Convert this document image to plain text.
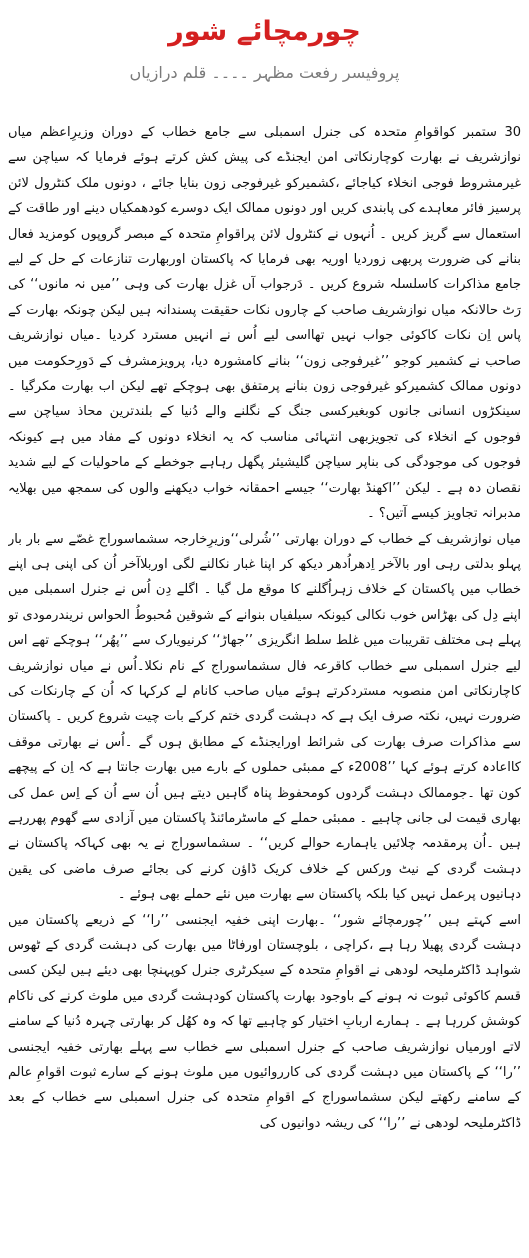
چورمچائے شور
پروفیسر رفعت مظہر ۔۔۔۔ قلم درازیاں

30 ستمبر کواقوامِ متحدہ کی جنرل اسمبلی سے جامع خطاب کے دوران وزیرِاعظم میاں نوازشریف نے بھارت کوچارنکاتی امن ایجنڈے کی پیش کش کرتے ہوئے فرمایا کہ سیاچن سے غیرمشروط فوجی انخلاء کیاجائے ،کشمیرکو غیرفوجی زون بنایا جائے ، دونوں ملک کنٹرول لائن پرسیز فائر معاہدے کی پابندی کریں اور دونوں ممالک ایک دوسرے کودھمکیاں دینے اور طاقت کے استعمال سے گریز کریں ۔ اُنہوں نے کنٹرول لائن پراقوامِ متحدہ کے مبصر گروپوں کومزید فعال بنانے کی ضرورت پربھی زوردیا اوریہ بھی فرمایا کہ پاکستان اوربھارت تنازعات کے حل کے لیے جامع مذاکرات کاسلسلہ شروع کریں ۔ دَرجواب آں غزل بھارت کی وہی ’’میں نہ مانوں‘‘ کی رَٹ حالانکہ میاں نوازشریف صاحب کے چاروں نکات حقیقت پسندانہ ہیں لیکن چونکہ بھارت کے پاس اِن نکات کاکوئی جواب نہیں تھااسی لیے اُس نے انہیں مسترد کردیا ۔میاں نوازشریف صاحب نے کشمیر کوجو ’’غیرفوجی زون‘‘ بنانے کامشورہ دیا، پرویزمشرف کے دَورِحکومت میں دونوں ممالک کشمیرکو غیرفوجی زون بنانے پرمتفق بھی ہوچکے تھے لیکن اب بھارت مکرگیا ۔سینکڑوں انسانی جانوں کوبغیرکسی جنگ کے نگلنے والے دُنیا کے بلندترین محاذ سیاچن سے فوجوں کے انخلاء کی تجویزبھی انتہائی مناسب کہ یہ انخلاء دونوں کے مفاد میں ہے کیونکہ فوجوں کی موجودگی کی بناپر سیاچن گلیشیئر پگھل رہاہے جوخطے کے ماحولیات کے لیے شدید نقصان دہ ہے ۔ لیکن ’’اکھنڈ بھارت‘‘ جیسے احمقانہ خواب دیکھنے والوں کی سمجھ میں بھلایہ مدبرانہ تجاویز کیسے آتیں؟ ۔

میاں نوازشریف کے خطاب کے دوران بھارتی ’’شُرلی‘‘وزیرِخارجہ سشماسوراج غصّے سے بار بار پہلو بدلتی رہی اور بالآخر اِدھراُدھر دیکھ کر اپنا غبار نکالنے لگی اوربلاآخر اُن کی اپنی ہی اپنے خطاب میں پاکستان کے خلاف زہراُگلنے کا موقع مل گیا ۔ اگلے دِن اُس نے جنرل اسمبلی میں اپنے دِل کی بھڑاس خوب نکالی کیونکہ سیلفیاں بنوانے کے شوقین مُحبوطُ الحواس نریندرمودی تو پہلے ہی مختلف تقریبات میں غلط سلط انگریزی ’’جھاڑ‘‘ کرنیویارک سے ’’پھُر‘‘ ہوچکے تھے اس لیے جنرل اسمبلی سے خطاب کاقرعہ فال سشماسوراج کے نام نکلا۔اُس نے میاں نوازشریف کاچارنکاتی امن منصوبہ مستردکرتے ہوئے میاں صاحب کانام لے کرکہا کہ اُن کے چارنکات کی ضرورت نہیں، نکتہ صرف ایک ہے کہ دہشت گردی ختم کرکے بات چیت شروع کریں ۔ پاکستان سے مذاکرات صرف بھارت کی شرائط اورایجنڈے کے مطابق ہوں گے ۔اُس نے بھارتی موقف کااعادہ کرتے ہوئے کہا ’’2008ء کے ممبئی حملوں کے بارے میں بھارت جانتا ہے کہ اِن کے پیچھے کون تھا ۔جوممالک دہشت گردوں کومحفوظ پناہ گاہیں دیتے ہیں اُن سے اُن کے اِس عمل کی بھاری قیمت لی جانی چاہیے ۔ ممبئی حملے کے ماسٹرمائنڈ پاکستان میں آزادی سے گھوم پھررہے ہیں ۔اُن پرمقدمہ چلائیں یاہمارے حوالے کریں‘‘ ۔ سشماسوراج نے یہ بھی کہاکہ پاکستان نے دہشت گردی کے نیٹ ورکس کے خلاف کریک ڈاؤن کرنے کی بجائے صرف ماضی کی یقین دہانیوں پرعمل نہیں کیا بلکہ پاکستان سے بھارت میں نئے حملے بھی ہوئے ۔

اسے کہتے ہیں ’’چورمچائے شور‘‘ ۔بھارت اپنی خفیہ ایجنسی ’’را‘‘ کے ذریعے پاکستان میں دہشت گردی پھیلا رہا ہے ،کراچی ، بلوچستان اورفاٹا میں بھارت کی دہشت گردی کے ٹھوس شواہد ڈاکٹرملیحہ لودھی نے اقوامِ متحدہ کے سیکرٹری جنرل کوپہنچا بھی دیئے ہیں لیکن کسی قسم کاکوئی ثبوت نہ ہونے کے باوجود بھارت پاکستان کودہشت گردی میں ملوث کرنے کی ناکام کوشش کررہا ہے ۔ ہمارے اربابِ اختیار کو چاہیے تھا کہ وہ کھُل کر بھارتی چہرہ دُنیا کے سامنے لاتے اورمیاں نوازشریف صاحب کے جنرل اسمبلی سے خطاب سے پہلے بھارتی خفیہ ایجنسی ’’را‘‘ کے پاکستان میں دہشت گردی کی کارروائیوں میں ملوث ہونے کے سارے ثبوت اقوامِ عالم کے سامنے رکھتے لیکن سشماسوراج کے اقوامِ متحدہ کی جنرل اسمبلی سے خطاب کے بعد ڈاکٹرملیحہ لودھی نے ’’را‘‘ کی ریشہ دوانیوں کی
